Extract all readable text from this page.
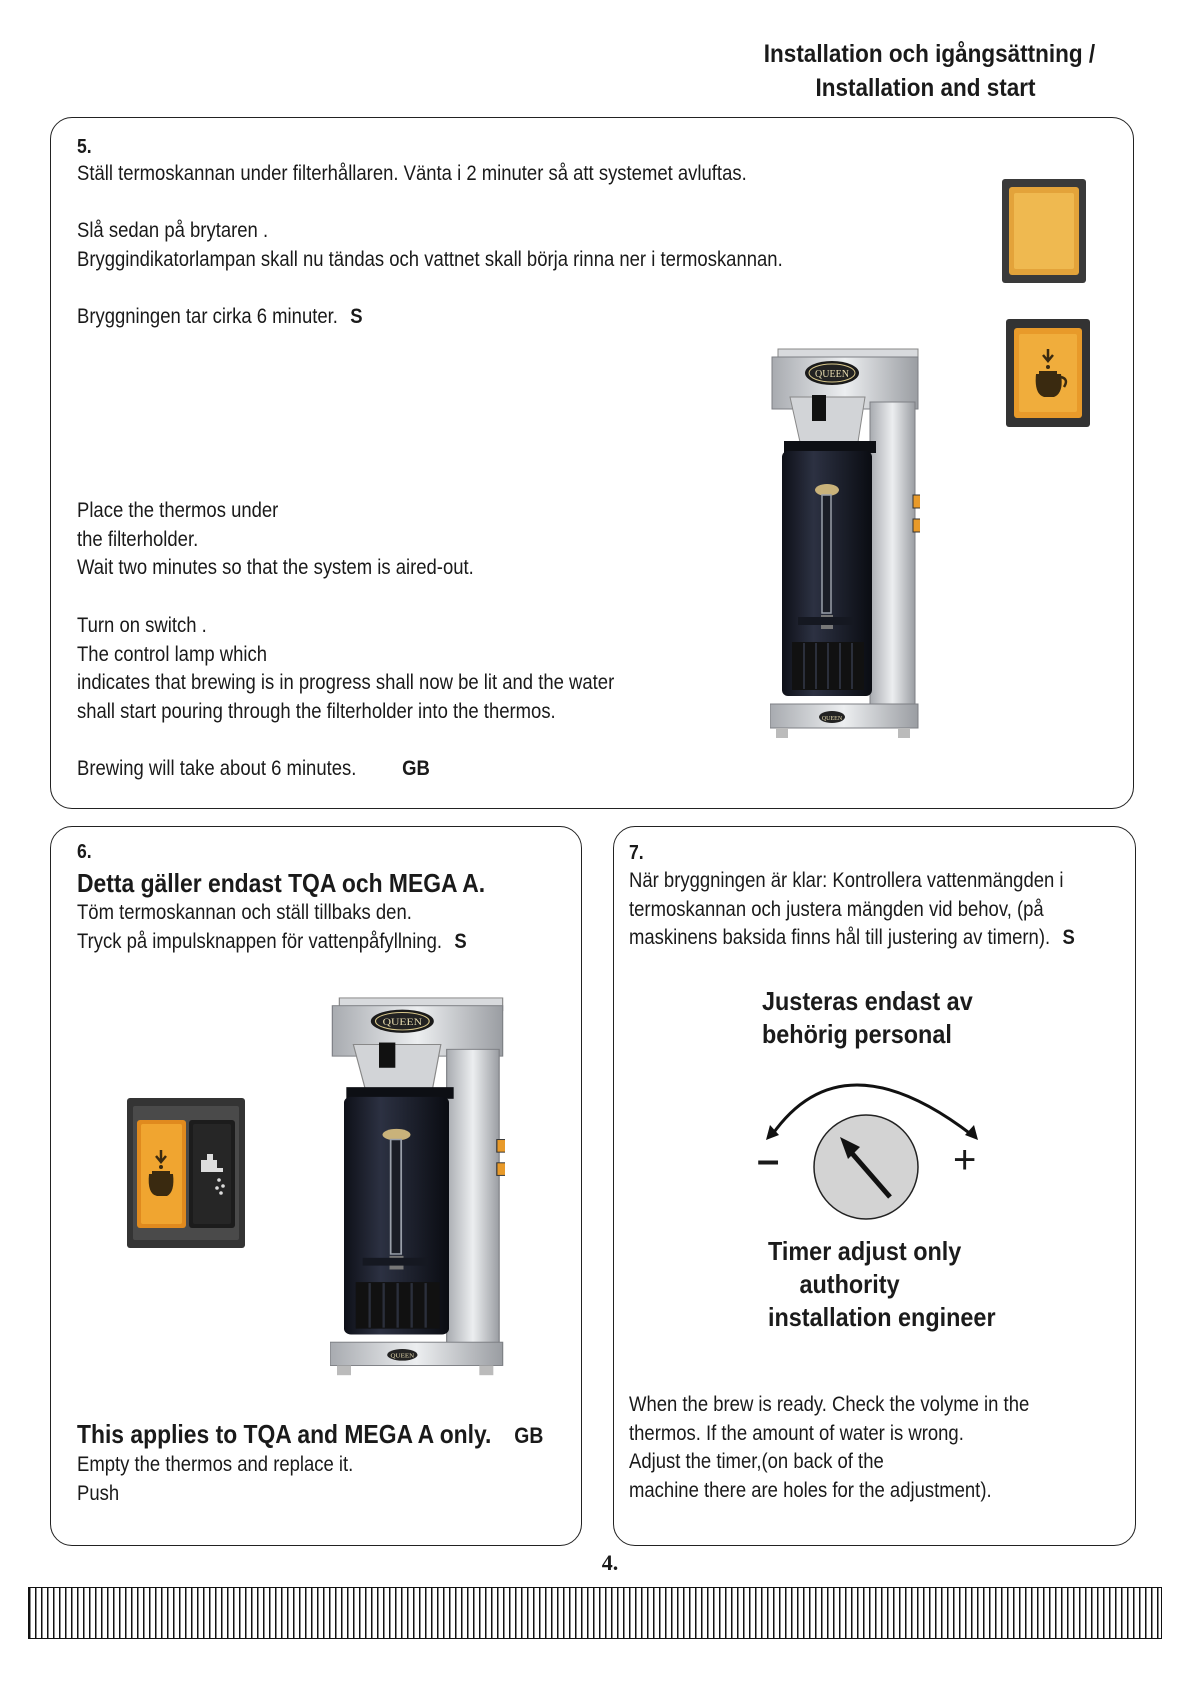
Installation och igångsättning /
Installation and start
5.
Ställ termoskannan under filterhållaren. Vänta i 2 minuter så att systemet avluftas.
Slå sedan på brytaren .
Bryggindikatorlampan skall nu tändas och vattnet skall börja rinna ner i termoskannan.
Bryggningen tar cirka 6 minuter. S
Place the thermos under
the filterholder.
Wait two minutes so that the system is aired-out.
Turn on switch .
The control lamp which
indicates that brewing is in progress shall now be lit and the water
shall start pouring through the filterholder into the thermos.
Brewing will take about 6 minutes. GB
QUEEN
QUEEN
6.
Detta gäller endast TQA och MEGA A.
Töm termoskannan och ställ tillbaks den.
Tryck på impulsknappen för vattenpåfyllning. S
QUEEN
QUEEN
This applies to TQA and MEGA A only. GB
Empty the thermos and replace it.
Push
7.
När bryggningen är klar: Kontrollera vattenmängden i
termoskannan och justera mängden vid behov, (på
maskinens baksida finns hål till justering av timern). S
Justeras endast av
behörig personal
–	+
Timer adjust only
authority
installation engineer
When the brew is ready. Check the volyme in the
thermos. If the amount of water is wrong.
Adjust the timer,(on back of the
machine there are holes for the adjustment).
4.
